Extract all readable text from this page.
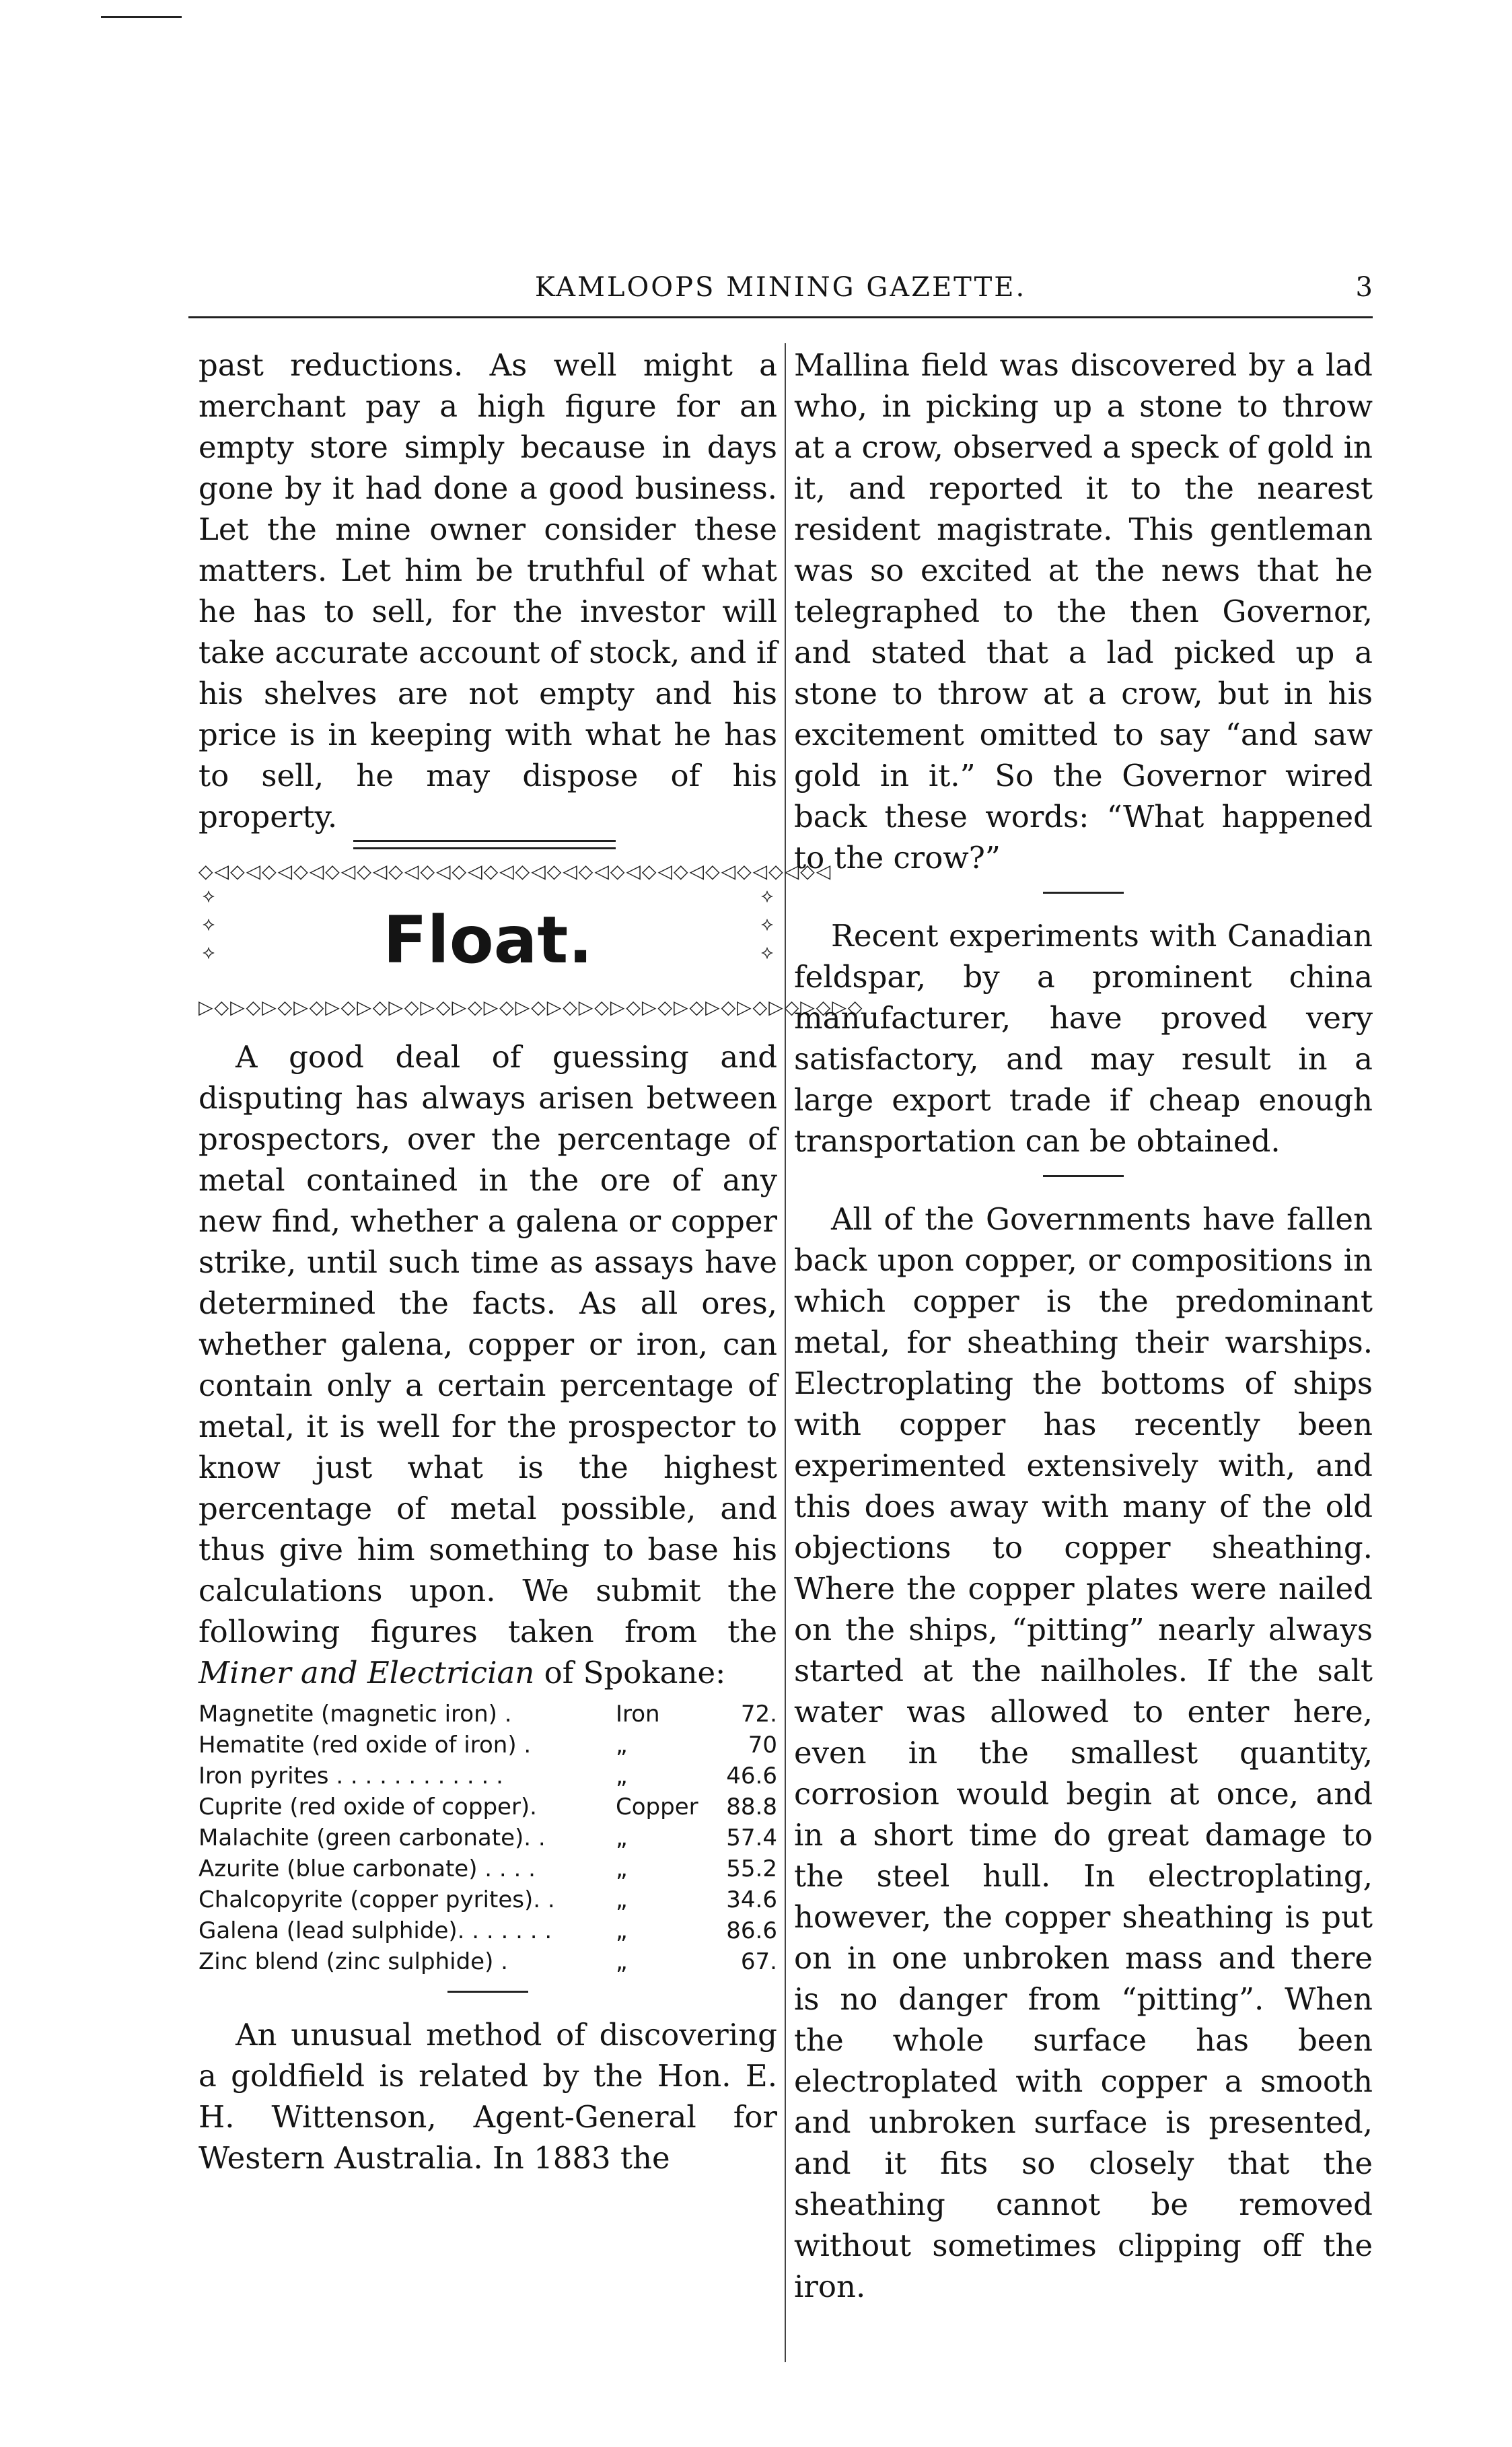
KAMLOOPS MINING GAZETTE.	3

past reductions. As well might a merchant pay a high figure for an empty store simply because in days gone by it had done a good business. Let the mine owner consider these matters. Let him be truthful of what he has to sell, for the investor will take accurate account of stock, and if his shelves are not empty and his price is in keeping with what he has to sell, he may dispose of his property.

◇◁◇◁◇◁◇◁◇◁◇◁◇◁◇◁◇◁◇◁◇◁◇◁◇◁◇◁◇◁◇◁◇◁◇◁◇◁◇◁
⟡ ⟡ ⟡	Float.
⟡ ⟡ ⟡
▷◇▷◇▷◇▷◇▷◇▷◇▷◇▷◇▷◇▷◇▷◇▷◇▷◇▷◇▷◇▷◇▷◇▷◇▷◇▷◇▷◇

A good deal of guessing and disputing has always arisen between prospectors, over the percentage of metal contained in the ore of any new find, whether a galena or copper strike, until such time as assays have determined the facts. As all ores, whether galena, copper or iron, can contain only a certain percentage of metal, it is well for the prospector to know just what is the highest percentage of metal possible, and thus give him something to base his calculations upon. We submit the following figures taken from the Miner and Electrician of Spokane:

Magnetite (magnetic iron) .	Iron	72.
Hematite (red oxide of iron) .	„	70
Iron pyrites . . . . . . . . . . . .	„	46.6
Cuprite (red oxide of copper).	Copper	88.8
Malachite (green carbonate). .	„	57.4
Azurite (blue carbonate) . . . .	„	55.2
Chalcopyrite (copper pyrites). .	„	34.6
Galena (lead sulphide). . . . . . .	„	86.6
Zinc blend (zinc sulphide) .	„	67.

An unusual method of discovering a goldfield is related by the Hon. E. H. Wittenson, Agent-General for Western Australia. In 1883 the

Mallina field was discovered by a lad who, in picking up a stone to throw at a crow, observed a speck of gold in it, and reported it to the nearest resident magistrate. This gentleman was so excited at the news that he telegraphed to the then Governor, and stated that a lad picked up a stone to throw at a crow, but in his excitement omitted to say “and saw gold in it.” So the Governor wired back these words: “What happened to the crow?”

Recent experiments with Canadian feldspar, by a prominent china manufacturer, have proved very satisfactory, and may result in a large export trade if cheap enough transportation can be obtained.

All of the Governments have fallen back upon copper, or compositions in which copper is the predominant metal, for sheathing their warships. Electroplating the bottoms of ships with copper has recently been experimented extensively with, and this does away with many of the old objections to copper sheathing. Where the copper plates were nailed on the ships, “pitting” nearly always started at the nailholes. If the salt water was allowed to enter here, even in the smallest quantity, corrosion would begin at once, and in a short time do great damage to the steel hull. In electroplating, however, the copper sheathing is put on in one unbroken mass and there is no danger from “pitting”. When the whole surface has been electroplated with copper a smooth and unbroken surface is presented, and it fits so closely that the sheathing cannot be removed without sometimes clipping off the iron.
